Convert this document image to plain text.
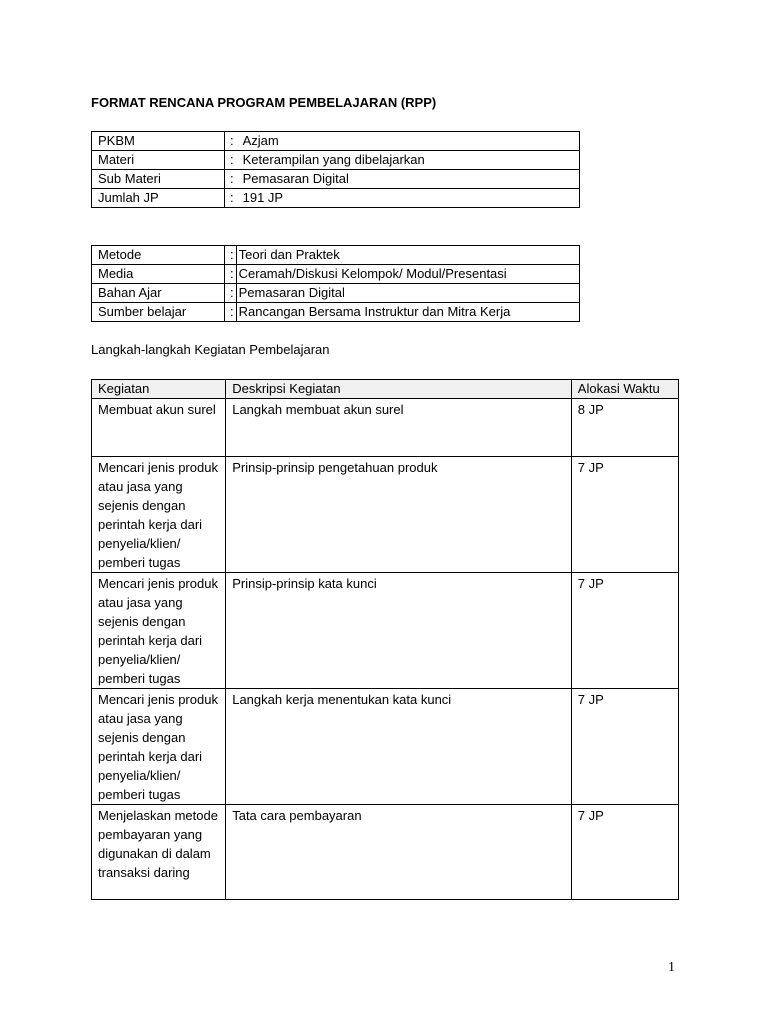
FORMAT RENCANA PROGRAM PEMBELAJARAN (RPP)
PKBM	:	Azjam
Materi	:	Keterampilan yang dibelajarkan
Sub Materi	:	Pemasaran Digital
Jumlah JP	:	191 JP
Metode	:	Teori dan Praktek
Media	:	Ceramah/Diskusi Kelompok/ Modul/Presentasi
Bahan Ajar	:	Pemasaran Digital
Sumber belajar	:	Rancangan Bersama Instruktur dan Mitra Kerja
Langkah-langkah Kegiatan Pembelajaran
Kegiatan	Deskripsi Kegiatan	Alokasi Waktu
Membuat akun surel	Langkah membuat akun surel	8 JP
Mencari jenis produk atau jasa yang sejenis dengan perintah kerja dari penyelia/klien/ pemberi tugas	Prinsip-prinsip pengetahuan produk	7 JP
Mencari jenis produk atau jasa yang sejenis dengan perintah kerja dari penyelia/klien/ pemberi tugas	Prinsip-prinsip kata kunci	7 JP
Mencari jenis produk atau jasa yang sejenis dengan perintah kerja dari penyelia/klien/ pemberi tugas	Langkah kerja menentukan kata kunci	7 JP
Menjelaskan metode pembayaran yang digunakan di dalam transaksi daring	Tata cara pembayaran	7 JP
1
